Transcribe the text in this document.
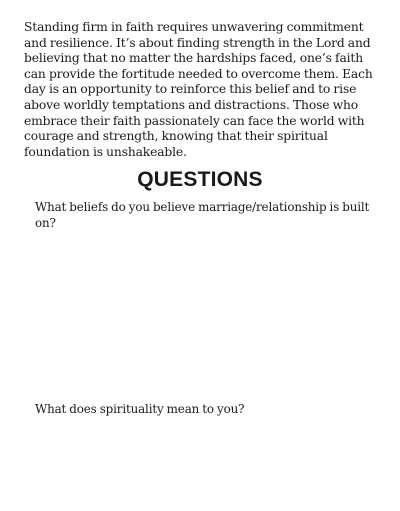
Standing firm in faith requires unwavering commitment and resilience. It’s about finding strength in the Lord and believing that no matter the hardships faced, one’s faith can provide the fortitude needed to overcome them. Each day is an opportunity to reinforce this belief and to rise above worldly temptations and distractions. Those who embrace their faith passionately can face the world with courage and strength, knowing that their spiritual foundation is unshakeable.

QUESTIONS

What beliefs do you believe marriage/relationship is built on?

What does spirituality mean to you?
